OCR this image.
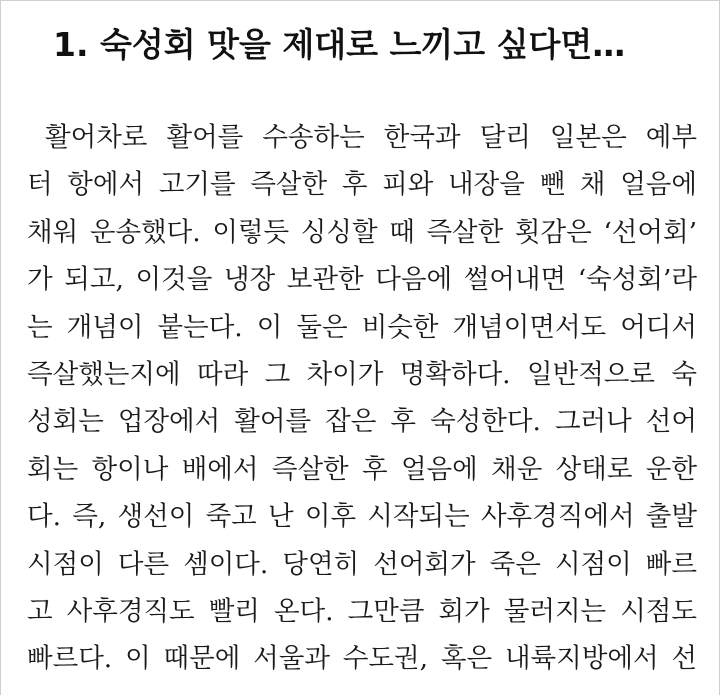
1. 숙성회 맛을 제대로 느끼고 싶다면…
활어차로 활어를 수송하는 한국과 달리 일본은 예부
터 항에서 고기를 즉살한 후 피와 내장을 뺀 채 얼음에
채워 운송했다. 이렇듯 싱싱할 때 즉살한 횟감은 ‘선어회’
가 되고, 이것을 냉장 보관한 다음에 썰어내면 ‘숙성회’라
는 개념이 붙는다. 이 둘은 비슷한 개념이면서도 어디서
즉살했는지에 따라 그 차이가 명확하다. 일반적으로 숙
성회는 업장에서 활어를 잡은 후 숙성한다. 그러나 선어
회는 항이나 배에서 즉살한 후 얼음에 채운 상태로 운한
다. 즉, 생선이 죽고 난 이후 시작되는 사후경직에서 출발
시점이 다른 셈이다. 당연히 선어회가 죽은 시점이 빠르
고 사후경직도 빨리 온다. 그만큼 회가 물러지는 시점도
빠르다. 이 때문에 서울과 수도권, 혹은 내륙지방에서 선
